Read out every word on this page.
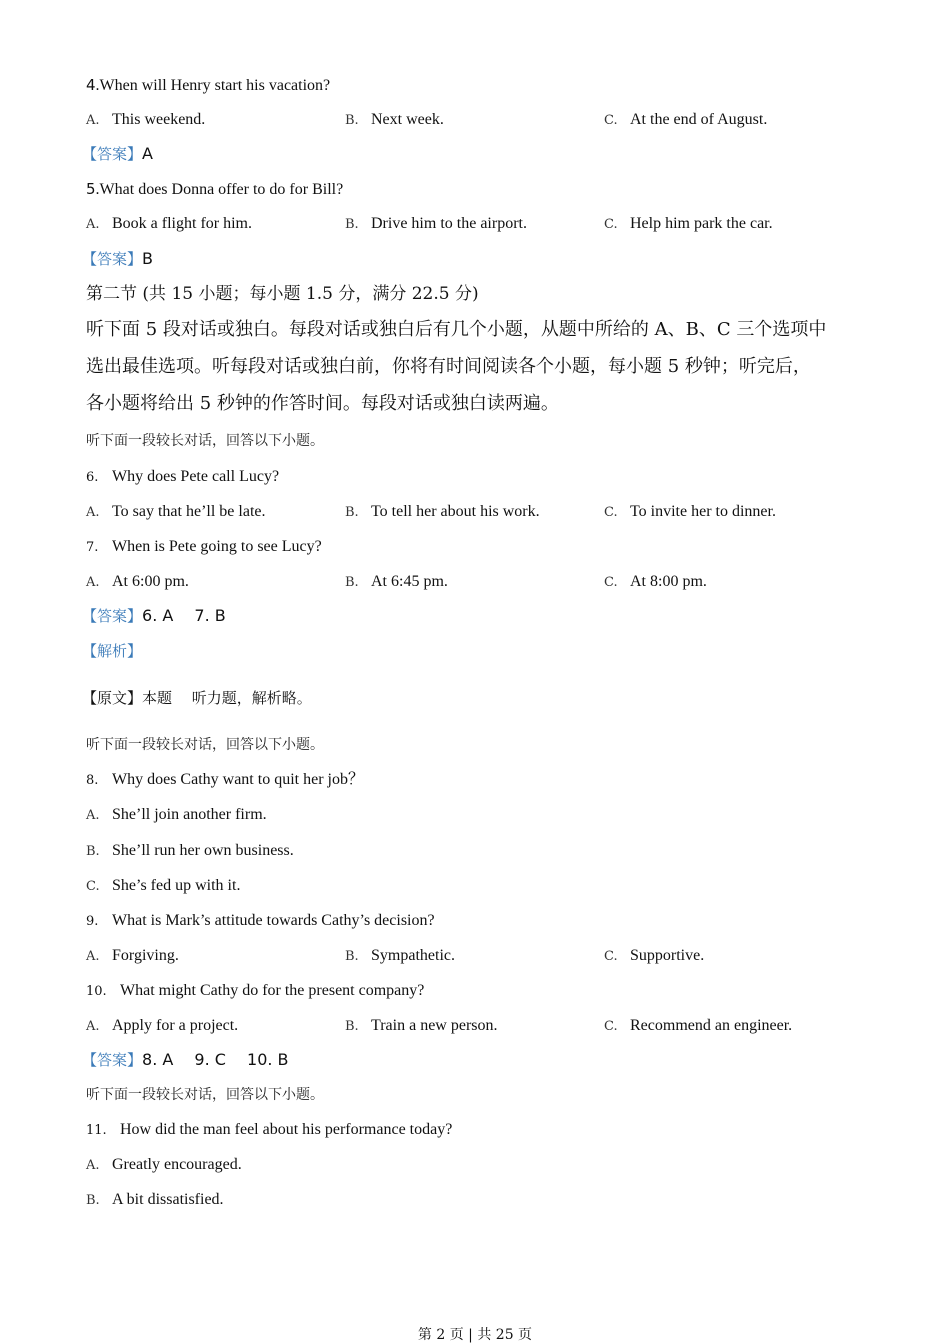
4.When will Henry start his vacation?
A. This weekend.	B. Next week.	C. At the end of August.
【答案】A
5.What does Donna offer to do for Bill?
A. Book a flight for him.	B. Drive him to the airport.	C. Help him park the car.
【答案】B
第二节 (共 15 小题；每小题 1.5 分，满分 22.5 分)
听下面 5 段对话或独白。每段对话或独白后有几个小题，从题中所给的 A、B、C 三个选项中
选出最佳选项。听每段对话或独白前，你将有时间阅读各个小题，每小题 5 秒钟；听完后，
各小题将给出 5 秒钟的作答时间。每段对话或独白读两遍。
听下面一段较长对话，回答以下小题。
6. Why does Pete call Lucy?
A. To say that he’ll be late.	B. To tell her about his work.	C. To invite her to dinner.
7. When is Pete going to see Lucy?
A. At 6:00 pm.	B. At 6:45 pm.	C. At 8:00 pm.
【答案】6. A　 7. B
【解析】
【原文】本题　 听力题，解析略。
听下面一段较长对话，回答以下小题。
8. Why does Cathy want to quit her job？
A. She’ll join another firm.
B. She’ll run her own business.
C. She’s fed up with it.
9. What is Mark’s attitude towards Cathy’s decision?
A. Forgiving.	B. Sympathetic.	C. Supportive.
10. What might Cathy do for the present company?
A. Apply for a project.	B. Train a new person.	C. Recommend an engineer.
【答案】8. A　 9. C　 10. B
听下面一段较长对话，回答以下小题。
11. How did the man feel about his performance today?
A. Greatly encouraged.
B. A bit dissatisfied.
第 2 页 | 共 25 页
